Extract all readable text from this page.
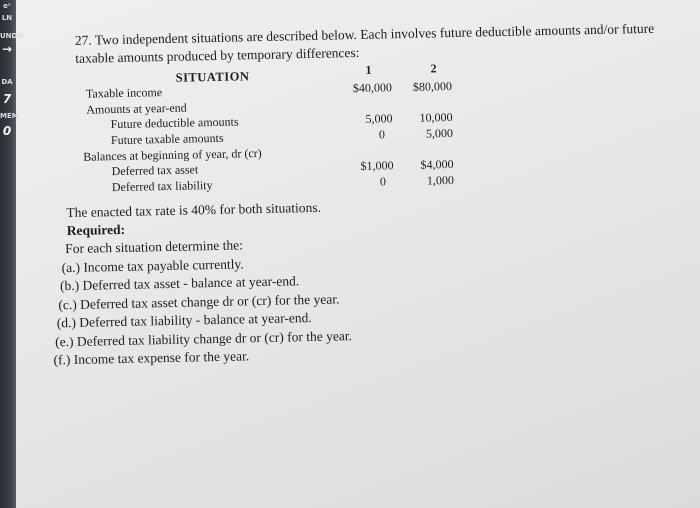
eˣ
LN
UNDO
→
DA
7
MEM
0
27. Two independent situations are described below. Each involves future deductible amounts and/or future
taxable amounts produced by temporary differences:
SITUATION	1	2
Taxable income
Amounts at year-end
Future deductible amounts
Future taxable amounts
Balances at beginning of year, dr (cr)
Deferred tax asset
Deferred tax liability
$40,000
5,000
0
$1,000
0
$80,000
10,000
5,000
$4,000
1,000
The enacted tax rate is 40% for both situations.
Required:
For each situation determine the:
(a.) Income tax payable currently.
(b.) Deferred tax asset - balance at year-end.
(c.) Deferred tax asset change dr or (cr) for the year.
(d.) Deferred tax liability - balance at year-end.
(e.) Deferred tax liability change dr or (cr) for the year.
(f.) Income tax expense for the year.
